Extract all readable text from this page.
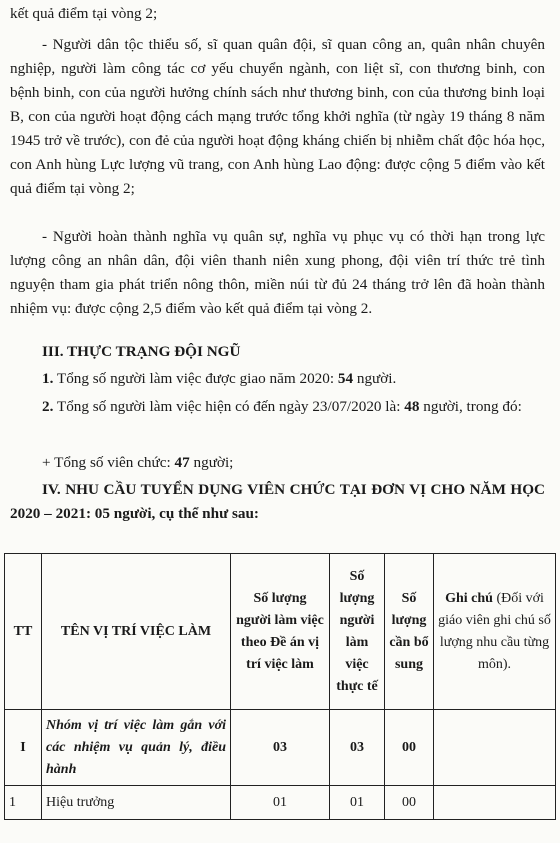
kết quả điểm tại vòng 2;

- Người dân tộc thiểu số, sĩ quan quân đội, sĩ quan công an, quân nhân chuyên nghiệp, người làm công tác cơ yếu chuyển ngành, con liệt sĩ, con thương binh, con bệnh binh, con của người hưởng chính sách như thương binh, con của thương binh loại B, con của người hoạt động cách mạng trước tổng khởi nghĩa (từ ngày 19 tháng 8 năm 1945 trở về trước), con đẻ của người hoạt động kháng chiến bị nhiễm chất độc hóa học, con Anh hùng Lực lượng vũ trang, con Anh hùng Lao động: được cộng 5 điểm vào kết quả điểm tại vòng 2;

- Người hoàn thành nghĩa vụ quân sự, nghĩa vụ phục vụ có thời hạn trong lực lượng công an nhân dân, đội viên thanh niên xung phong, đội viên trí thức trẻ tình nguyện tham gia phát triển nông thôn, miền núi từ đủ 24 tháng trở lên đã hoàn thành nhiệm vụ: được cộng 2,5 điểm vào kết quả điểm tại vòng 2.

III. THỰC TRẠNG ĐỘI NGŨ

1. Tổng số người làm việc được giao năm 2020: 54 người.

2. Tổng số người làm việc hiện có đến ngày 23/07/2020 là: 48 người, trong đó:

+ Tổng số viên chức: 47 người;

IV. NHU CẦU TUYỂN DỤNG VIÊN CHỨC TẠI ĐƠN VỊ CHO NĂM HỌC 2020 – 2021: 05 người, cụ thể như sau:

TT	TÊN VỊ TRÍ VIỆC LÀM	Số lượng người làm việc theo Đề án vị trí việc làm	Số lượng người làm việc thực tế	Số lượng cần bổ sung	Ghi chú (Đối với giáo viên ghi chú số lượng nhu cầu từng môn).
I	Nhóm vị trí việc làm gắn với các nhiệm vụ quản lý, điều hành	03	03	00	
1	Hiệu trưởng	01	01	00	
